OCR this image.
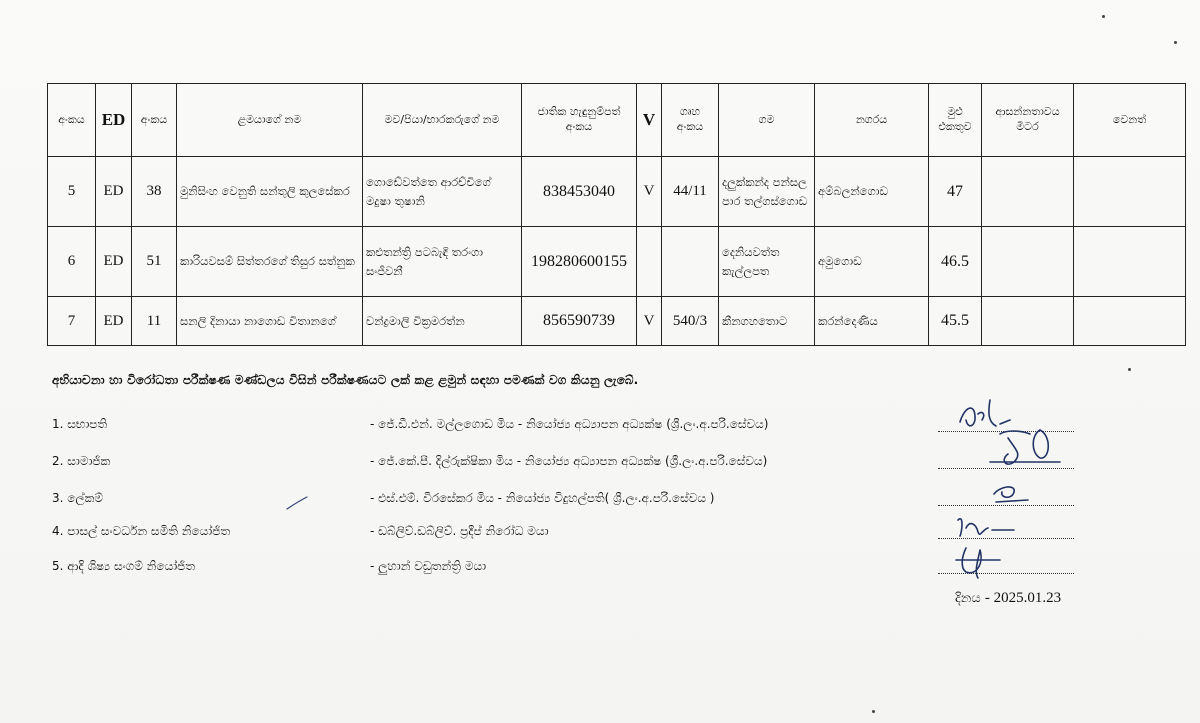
අංකය	ED	අංකය	ළමයාගේ නම	මව/පියා/භාරකරුගේ නම	ජාතික හැඳුනුම්පත් අංකය	V	ගෘහ අංකය	ගම	නගරය	මුළු එකතුව	ආසන්නතාවය මීටර	වෙනත්
5	ED	38	මුනිසිංහ වෙනුති සන්තුලි කුලසේකර	ගොඩේවත්තෙ ආරච්චිගේ මදුෂා තුෂානි	838453040	V	44/11	දලුක්කන්ද පන්සල පාර තල්ගස්ගොඩ	අම්බලන්ගොඩ	47		
6	ED	51	කාරියවසම් සිත්තරගේ තිසුර සත්නුක	කළුතන්ත්‍රි පටබැඳි තරංගා සංජීවනී	198280600155			දෙනියවත්ත කැල්ලපත	අමුගොඩ	46.5		
7	ED	11	සනලි දිනායා නාගොඩ විතානගේ	චන්ද්‍රමාලි වික්‍රමරත්න	856590739	V	540/3	කීනගහතොට	කරන්දෙණිය	45.5		
අභියාචනා හා විරෝධතා පරීක්ෂණ මණ්ඩලය විසින් පරීක්ෂණයට ලක් කළ ළමුන් සඳහා පමණක් වග කියනු ලැබේ.
1. සභාපති	- ජේ.ඩී.එන්. මල්ලගොඩ මිය - නියෝජ්‍ය අධ්‍යාපන අධ්‍යක්ෂ (ශ්‍රී.ලං.අ.පරි.සේවය)
2. සාමාජික	- ජේ.කේ.පී. දිල්රුක්ෂිකා මිය - නියෝජ්‍ය අධ්‍යාපන අධ්‍යක්ෂ (ශ්‍රී.ලං.අ.පරි.සේවය)
3. ලේකම්	- එස්.එම්. විරසේකර මිය - නියෝජ්‍ය විදුහල්පති( ශ්‍රී.ලං.අ.පරි.සේවය )
4. පාසල් සංවර්ධන සමිති නියෝජිත	- ඩබ්ලිව්.ඩබ්ලිව්. ප්‍රදීප් නිරෝධ මයා
5. ආදි ශිෂ්‍ය සංගම් නියෝජිත	- ලුහාන් වඩුතන්ත්‍රි මයා
දිනය - 2025.01.23
